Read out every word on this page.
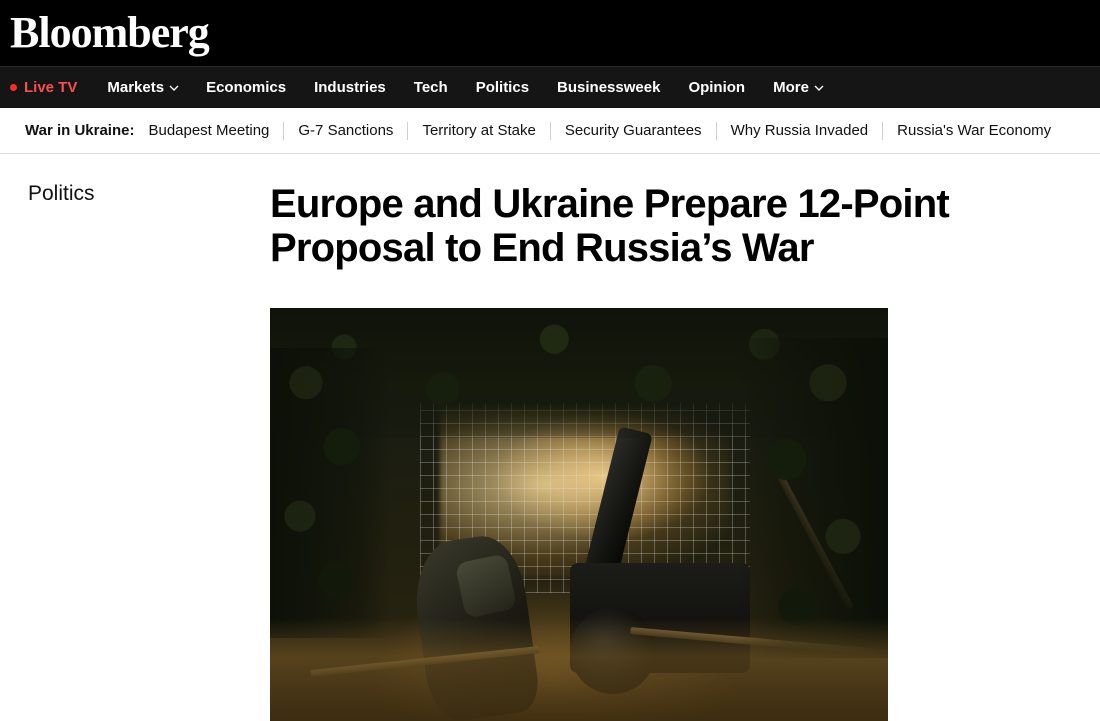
Bloomberg
Live TV Markets	Economics Industries Tech Politics Businessweek Opinion More
War in Ukraine: Budapest Meeting	G-7 Sanctions	Territory at Stake	Security Guarantees	Why Russia Invaded	Russia's War Economy
Politics	Europe and Ukraine Prepare 12-Point Proposal to End Russia’s War
